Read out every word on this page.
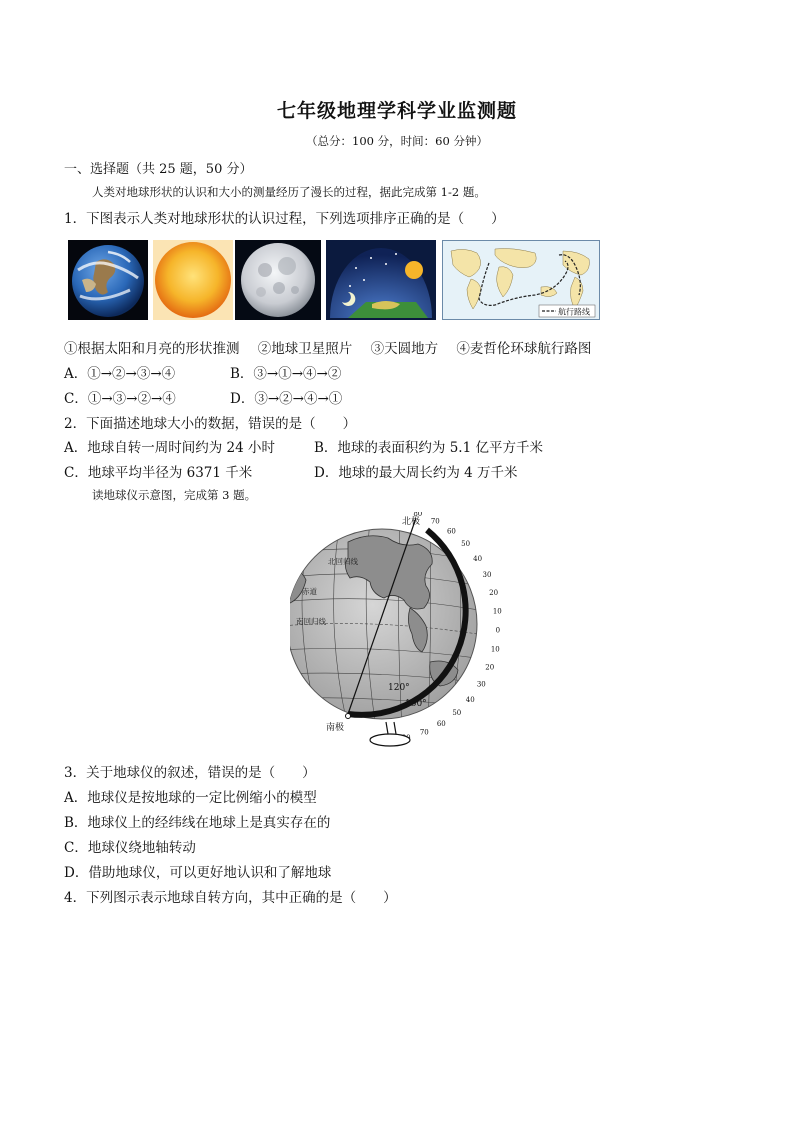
七年级地理学科学业监测题
（总分：100 分，时间：60 分钟）
一、选择题（共 25 题，50 分）
人类对地球形状的认识和大小的测量经历了漫长的过程，据此完成第 1-2 题。
1．下图表示人类对地球形状的认识过程，下列选项排序正确的是（　　）
航行路线
①根据太阳和月亮的形状推测 ②地球卫星照片 ③天圆地方 ④麦哲伦环球航行路图
A．①→②→③→④	B．③→①→④→②
C．①→③→②→④	D．③→②→④→①
2．下面描述地球大小的数据，错误的是（　　）
A．地球自转一周时间约为 24 小时	B．地球的表面积约为 5.1 亿平方千米
C．地球平均半径为 6371 千米	D．地球的最大周长约为 4 万千米
读地球仪示意图，完成第 3 题。
北回归线
赤道
南回归线
120°
150°
80
70
60
50
40
30
20
10
0
10
20
30
40
50
60
70
北极
南极
3．关于地球仪的叙述，错误的是（　　）
A．地球仪是按地球的一定比例缩小的模型
B．地球仪上的经纬线在地球上是真实存在的
C．地球仪绕地轴转动
D．借助地球仪，可以更好地认识和了解地球
4．下列图示表示地球自转方向，其中正确的是（　　）
